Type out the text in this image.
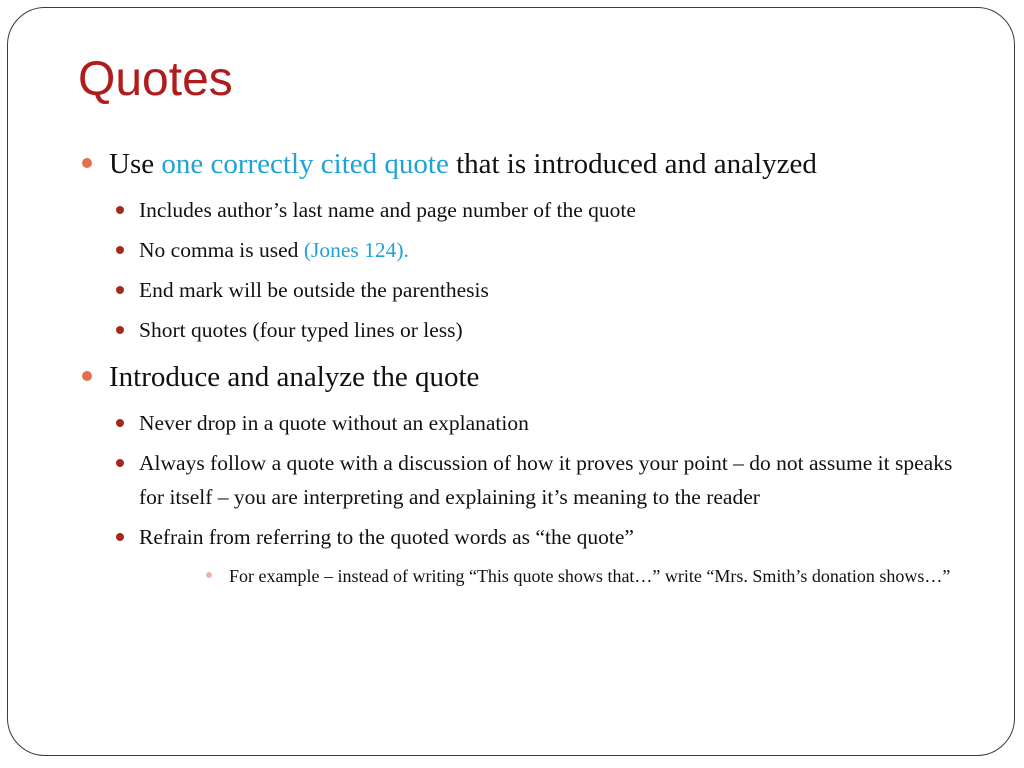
Quotes
Use one correctly cited quote that is introduced and analyzed
Includes author’s last name and page number of the quote
No comma is used (Jones 124).
End mark will be outside the parenthesis
Short quotes (four typed lines or less)
Introduce and analyze the quote
Never drop in a quote without an explanation
Always follow a quote with a discussion of how it proves your point – do not assume it speaks for itself – you are interpreting and explaining it’s meaning to the reader
Refrain from referring to the quoted words as “the quote”
For example – instead of writing “This quote shows that…” write “Mrs. Smith’s donation shows…”
